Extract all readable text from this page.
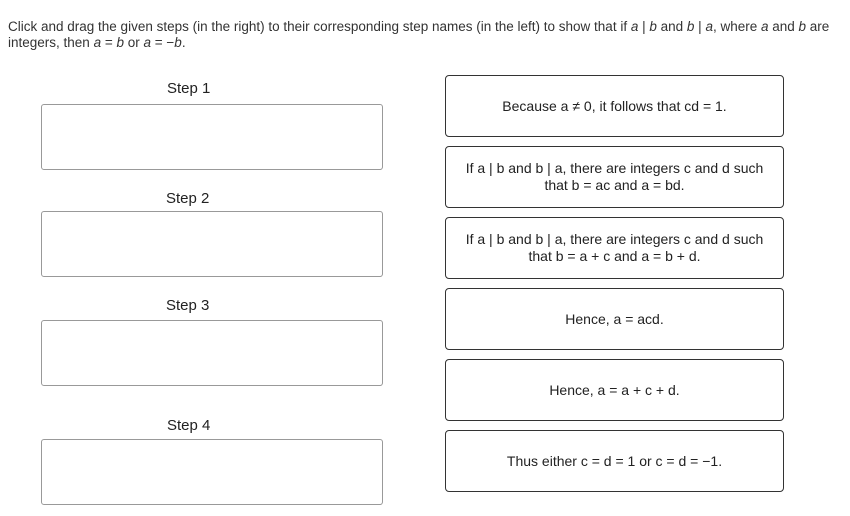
Click and drag the given steps (in the right) to their corresponding step names (in the left) to show that if a | b and b | a, where a and b are integers, then a = b or a = −b.
Step 1
Step 2
Step 3
Step 4
Because a ≠ 0, it follows that cd = 1.
If a | b and b | a, there are integers c and d such that b = ac and a = bd.
If a | b and b | a, there are integers c and d such that b = a + c and a = b + d.
Hence, a = acd.
Hence, a = a + c + d.
Thus either c = d = 1 or c = d = −1.
